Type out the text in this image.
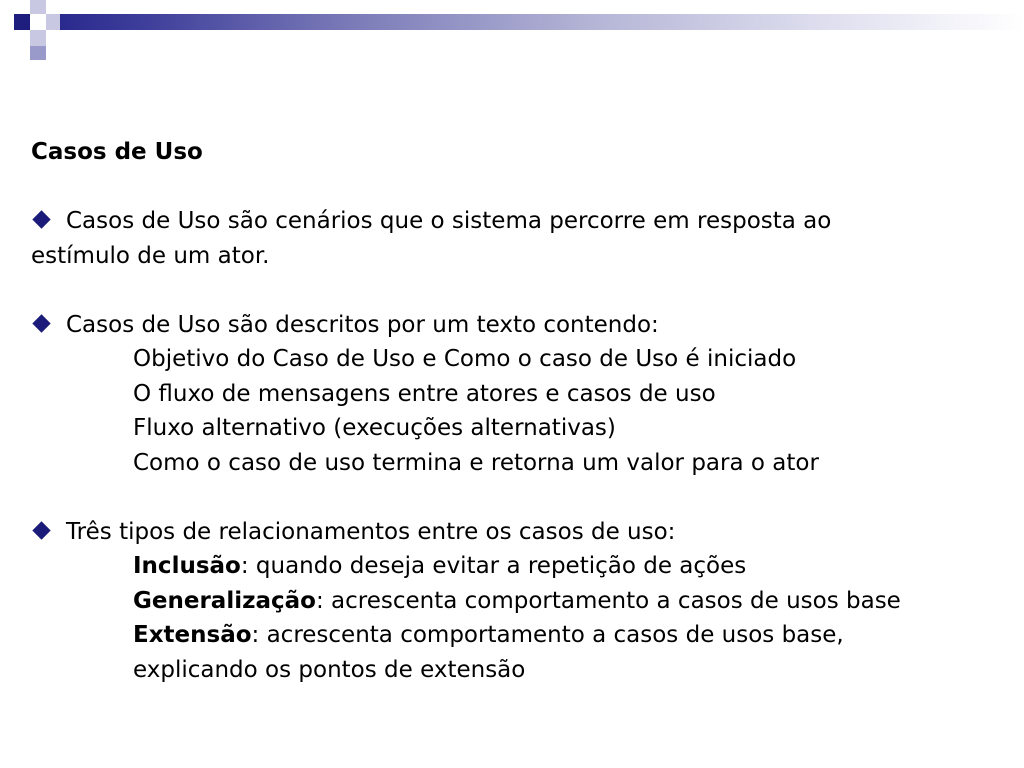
Casos de Uso

Casos de Uso são cenários que o sistema percorre em resposta ao

estímulo de um ator.

Casos de Uso são descritos por um texto contendo:

Objetivo do Caso de Uso e Como o caso de Uso é iniciado

O fluxo de mensagens entre atores e casos de uso

Fluxo alternativo (execuções alternativas)

Como o caso de uso termina e retorna um valor para o ator

Três tipos de relacionamentos entre os casos de uso:

Inclusão: quando deseja evitar a repetição de ações

Generalização: acrescenta comportamento a casos de usos base

Extensão: acrescenta comportamento a casos de usos base,

explicando os pontos de extensão
